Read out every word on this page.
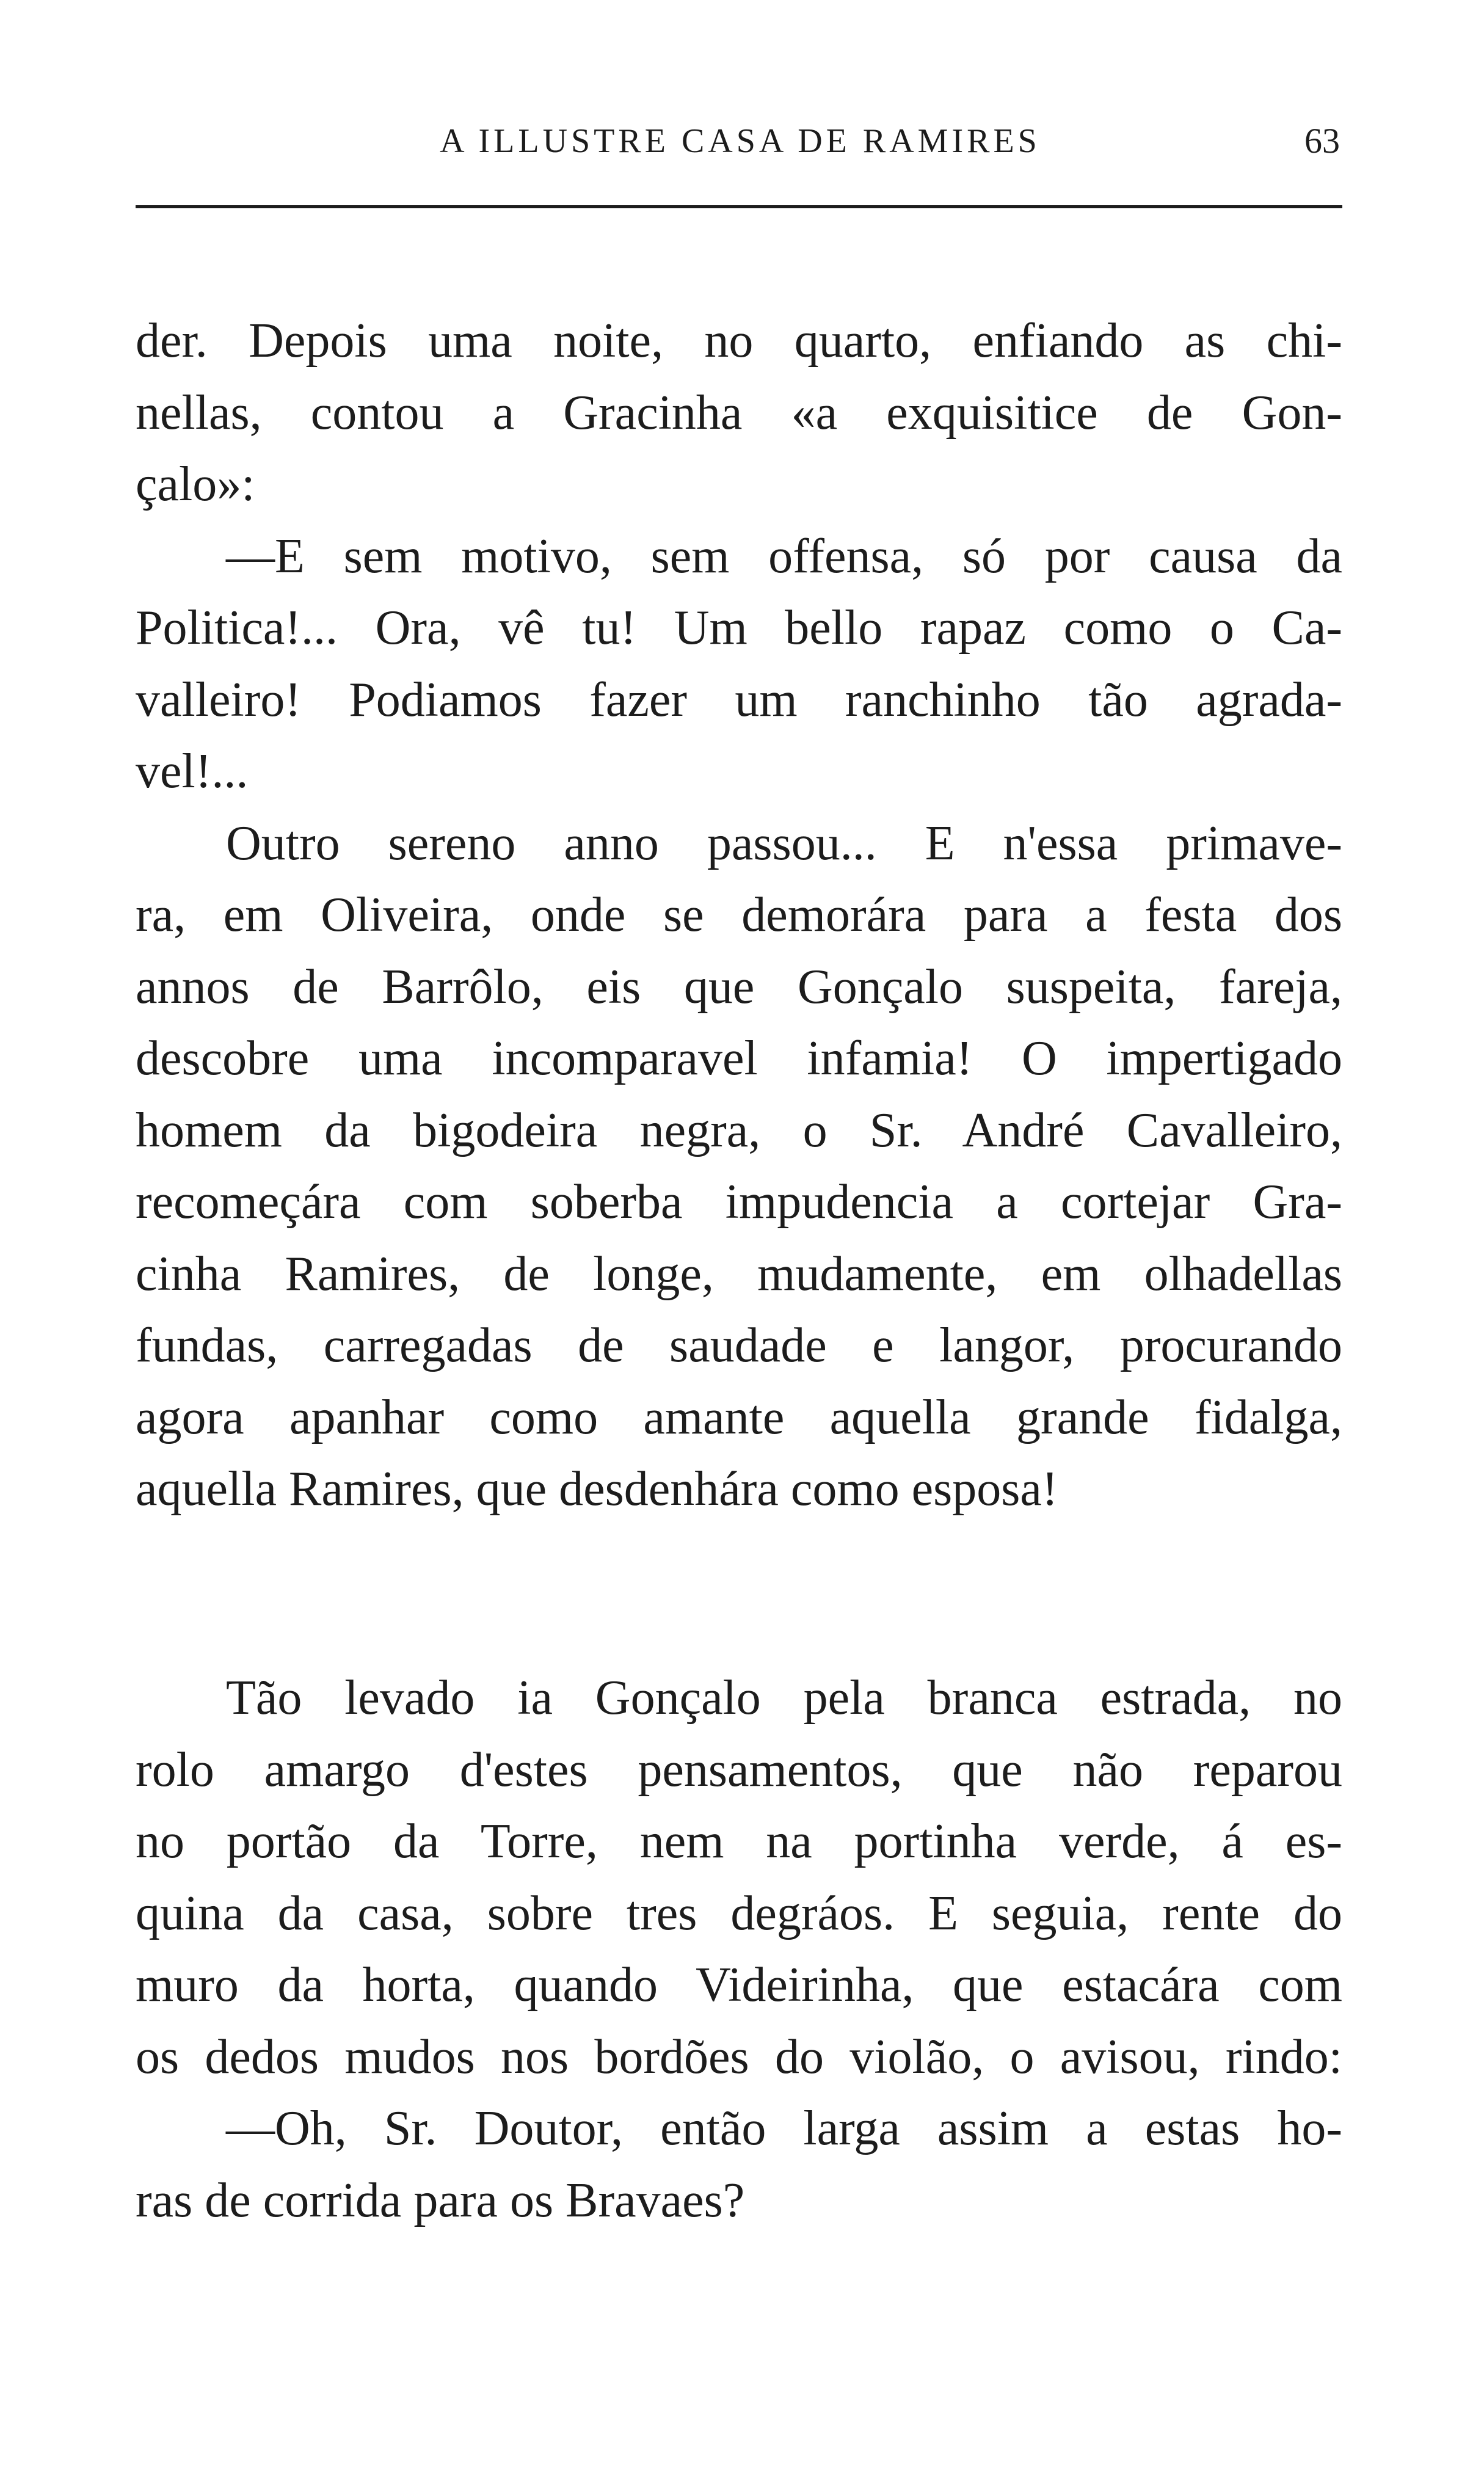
A ILLUSTRE CASA DE RAMIRES	63
der. Depois uma noite, no quarto, enfiando as chi-
nellas, contou a Gracinha «a exquisitice de Gon-
çalo»:
—E sem motivo, sem offensa, só por causa da
Politica!... Ora, vê tu! Um bello rapaz como o Ca-
valleiro! Podiamos fazer um ranchinho tão agrada-
vel!...
Outro sereno anno passou... E n'essa primave-
ra, em Oliveira, onde se demorára para a festa dos
annos de Barrôlo, eis que Gonçalo suspeita, fareja,
descobre uma incomparavel infamia! O impertigado
homem da bigodeira negra, o Sr. André Cavalleiro,
recomeçára com soberba impudencia a cortejar Gra-
cinha Ramires, de longe, mudamente, em olhadellas
fundas, carregadas de saudade e langor, procurando
agora apanhar como amante aquella grande fidalga,
aquella Ramires, que desdenhára como esposa!
Tão levado ia Gonçalo pela branca estrada, no
rolo amargo d'estes pensamentos, que não reparou
no portão da Torre, nem na portinha verde, á es-
quina da casa, sobre tres degráos. E seguia, rente do
muro da horta, quando Videirinha, que estacára com
os dedos mudos nos bordões do violão, o avisou, rindo:
—Oh, Sr. Doutor, então larga assim a estas ho-
ras de corrida para os Bravaes?
